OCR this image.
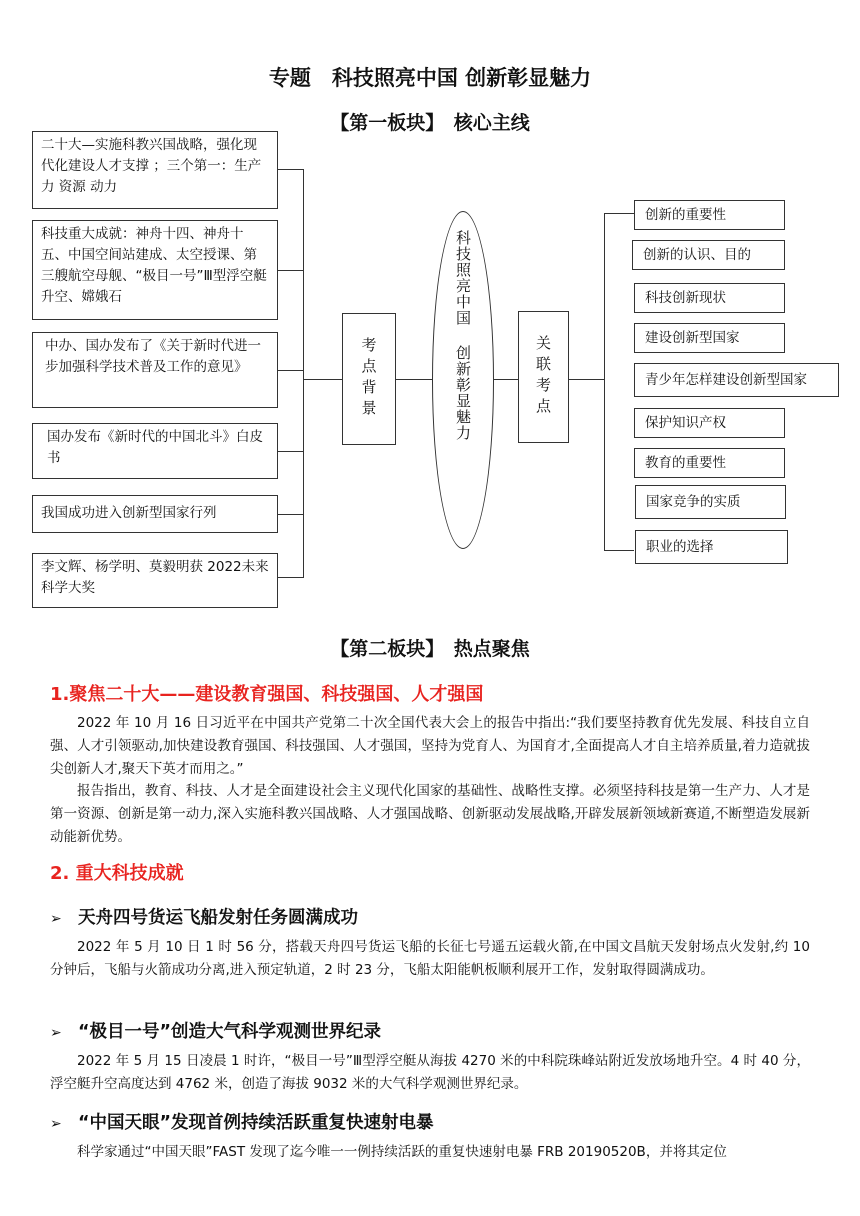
专题　科技照亮中国 创新彰显魅力
【第一板块】　核心主线
二十大—实施科教兴国战略，强化现代化建设人才支撑 ；三个第一：生产力 资源 动力
科技重大成就：神舟十四、神舟十五、中国空间站建成、太空授课、第三艘航空母舰、“极目一号”Ⅲ型浮空艇升空、嫦娥石
中办、国办发布了《关于新时代进一步加强科学技术普及工作的意见》
国办发布《新时代的中国北斗》白皮书
我国成功进入创新型国家行列
李文辉、杨学明、莫毅明获 2022未来科学大奖
考点背景	科技照亮中国 创新彰显魅力	关联考点
创新的重要性
创新的认识、目的
科技创新现状
建设创新型国家
青少年怎样建设创新型国家
保护知识产权
教育的重要性
国家竞争的实质
职业的选择
【第二板块】　热点聚焦
1.聚焦二十大——建设教育强国、科技强国、人才强国
2022 年 10 月 16 日习近平在中国共产党第二十次全国代表大会上的报告中指出:“我们要坚持教育优先发展、科技自立自强、人才引领驱动,加快建设教育强国、科技强国、人才强国，坚持为党育人、为国育才,全面提高人才自主培养质量,着力造就拔尖创新人才,聚天下英才而用之。”
报告指出，教育、科技、人才是全面建设社会主义现代化国家的基础性、战略性支撑。必须坚持科技是第一生产力、人才是第一资源、创新是第一动力,深入实施科教兴国战略、人才强国战略、创新驱动发展战略,开辟发展新领域新赛道,不断塑造发展新动能新优势。
2. 重大科技成就
➢ 天舟四号货运飞船发射任务圆满成功
2022 年 5 月 10 日 1 时 56 分，搭载天舟四号货运飞船的长征七号遥五运载火箭,在中国文昌航天发射场点火发射,约 10 分钟后，飞船与火箭成功分离,进入预定轨道，2 时 23 分，飞船太阳能帆板顺利展开工作，发射取得圆满成功。
➢ “极目一号”创造大气科学观测世界纪录
2022 年 5 月 15 日凌晨 1 时许，“极目一号”Ⅲ型浮空艇从海拔 4270 米的中科院珠峰站附近发放场地升空。4 时 40 分，浮空艇升空高度达到 4762 米，创造了海拔 9032 米的大气科学观测世界纪录。
➢ “中国天眼”发现首例持续活跃重复快速射电暴
科学家通过“中国天眼”FAST 发现了迄今唯一一例持续活跃的重复快速射电暴 FRB 20190520B，并将其定位
